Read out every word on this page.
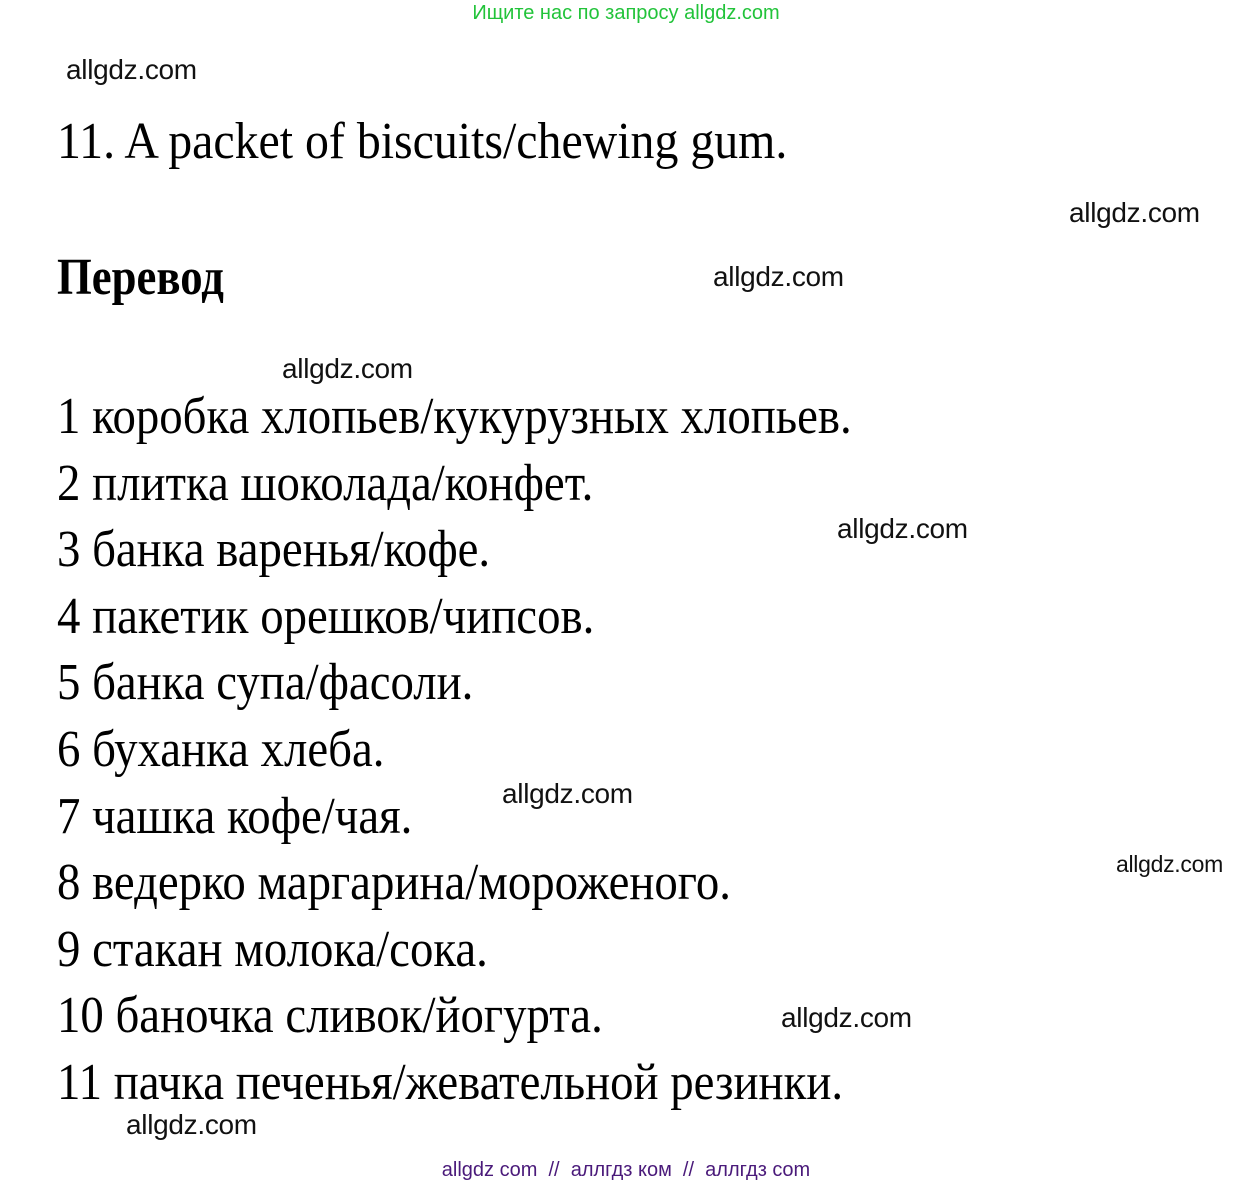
Ищите нас по запросу allgdz.com
allgdz.com
11. A packet of biscuits/chewing gum.
allgdz.com
Перевод	allgdz.com
allgdz.com
1 коробка хлопьев/кукурузных хлопьев.
2 плитка шоколада/конфет.
3 банка варенья/кофе.
4 пакетик орешков/чипсов.
5 банка супа/фасоли.
6 буханка хлеба.
7 чашка кофе/чая.
8 ведерко маргарина/мороженого.
9 стакан молока/сока.
10 баночка сливок/йогурта.
11 пачка печенья/жевательной резинки.
allgdz.com
allgdz.com
allgdz.com
allgdz.com
allgdz.com
allgdz com  //  аллгдз ком  //  аллгдз com
